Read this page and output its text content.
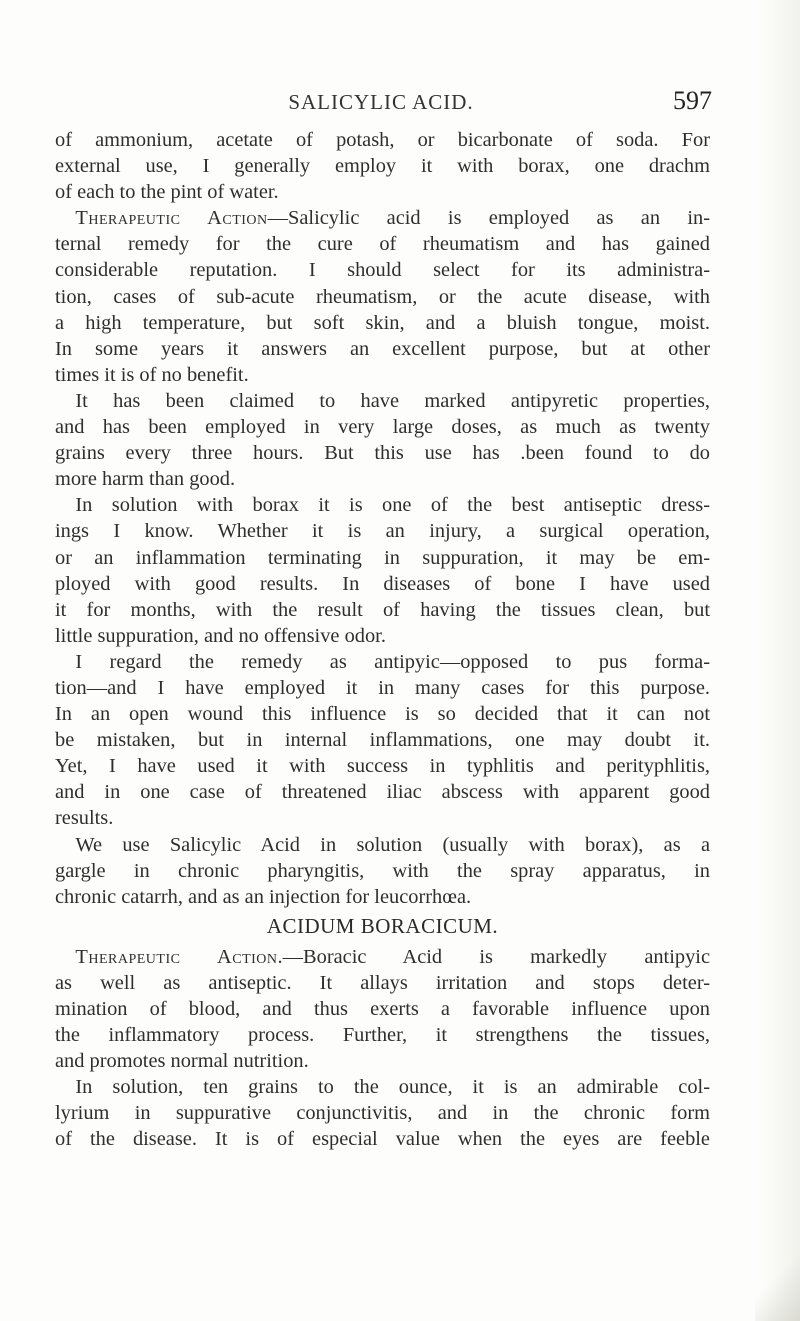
SALICYLIC ACID.	597

of ammonium, acetate of potash, or bicarbonate of soda. For
external use, I generally employ it with borax, one drachm
of each to the pint of water.

 Therapeutic Action—Salicylic acid is employed as an in-
ternal remedy for the cure of rheumatism and has gained
considerable reputation. I should select for its administra-
tion, cases of sub-acute rheumatism, or the acute disease, with
a high temperature, but soft skin, and a bluish tongue, moist.
In some years it answers an excellent purpose, but at other
times it is of no benefit.

 It has been claimed to have marked antipyretic properties,
and has been employed in very large doses, as much as twenty
grains every three hours. But this use has .been found to do
more harm than good.

 In solution with borax it is one of the best antiseptic dress-
ings I know. Whether it is an injury, a surgical operation,
or an inflammation terminating in suppuration, it may be em-
ployed with good results. In diseases of bone I have used
it for months, with the result of having the tissues clean, but
little suppuration, and no offensive odor.

 I regard the remedy as antipyic—opposed to pus forma-
tion—and I have employed it in many cases for this purpose.
In an open wound this influence is so decided that it can not
be mistaken, but in internal inflammations, one may doubt it.
Yet, I have used it with success in typhlitis and perityphlitis,
and in one case of threatened iliac abscess with apparent good
results.

 We use Salicylic Acid in solution (usually with borax), as a
gargle in chronic pharyngitis, with the spray apparatus, in
chronic catarrh, and as an injection for leucorrhœa.

ACIDUM BORACICUM.

 Therapeutic Action.—Boracic Acid is markedly antipyic
as well as antiseptic. It allays irritation and stops deter-
mination of blood, and thus exerts a favorable influence upon
the inflammatory process. Further, it strengthens the tissues,
and promotes normal nutrition.

 In solution, ten grains to the ounce, it is an admirable col-
lyrium in suppurative conjunctivitis, and in the chronic form
of the disease. It is of especial value when the eyes are feeble
